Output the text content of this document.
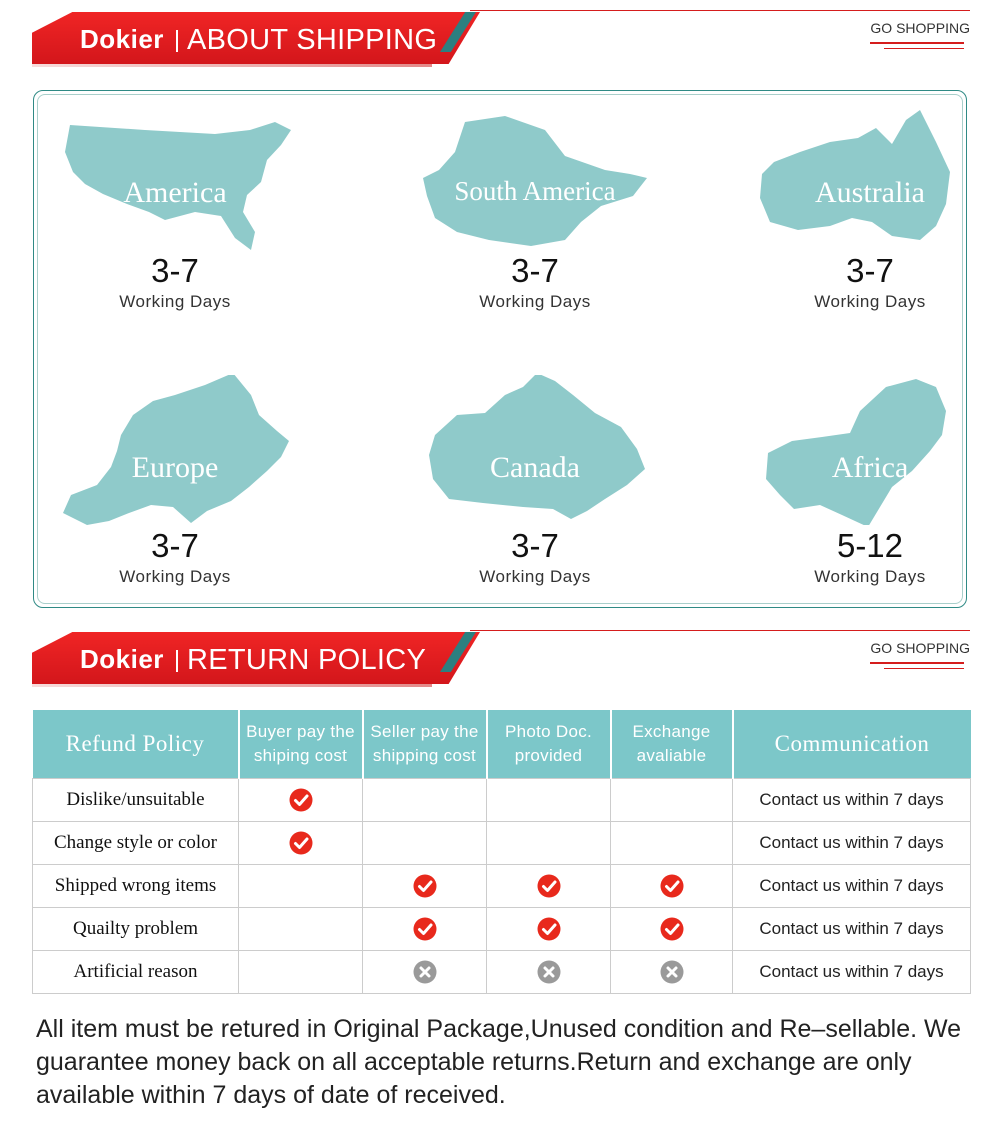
Dokier ABOUT SHIPPING	GO SHOPPING
America
3-7
Working Days
South America
3-7
Working Days
Australia
3-7
Working Days
Europe
3-7
Working Days
Canada
3-7
Working Days
Africa
5-12
Working Days
Dokier RETURN POLICY	GO SHOPPING
Refund Policy	Buyer pay the shiping cost	Seller pay the shipping cost	Photo Doc. provided	Exchange avaliable	Communication
Dislike/unsuitable					Contact us within 7 days
Change style or color					Contact us within 7 days
Shipped wrong items					Contact us within 7 days
Quailty problem					Contact us within 7 days
Artificial reason					Contact us within 7 days
All item must be retured in Original Package,Unused condition and Re–sellable. We guarantee money back on all acceptable returns.Return and exchange are only available within 7 days of date of received.
